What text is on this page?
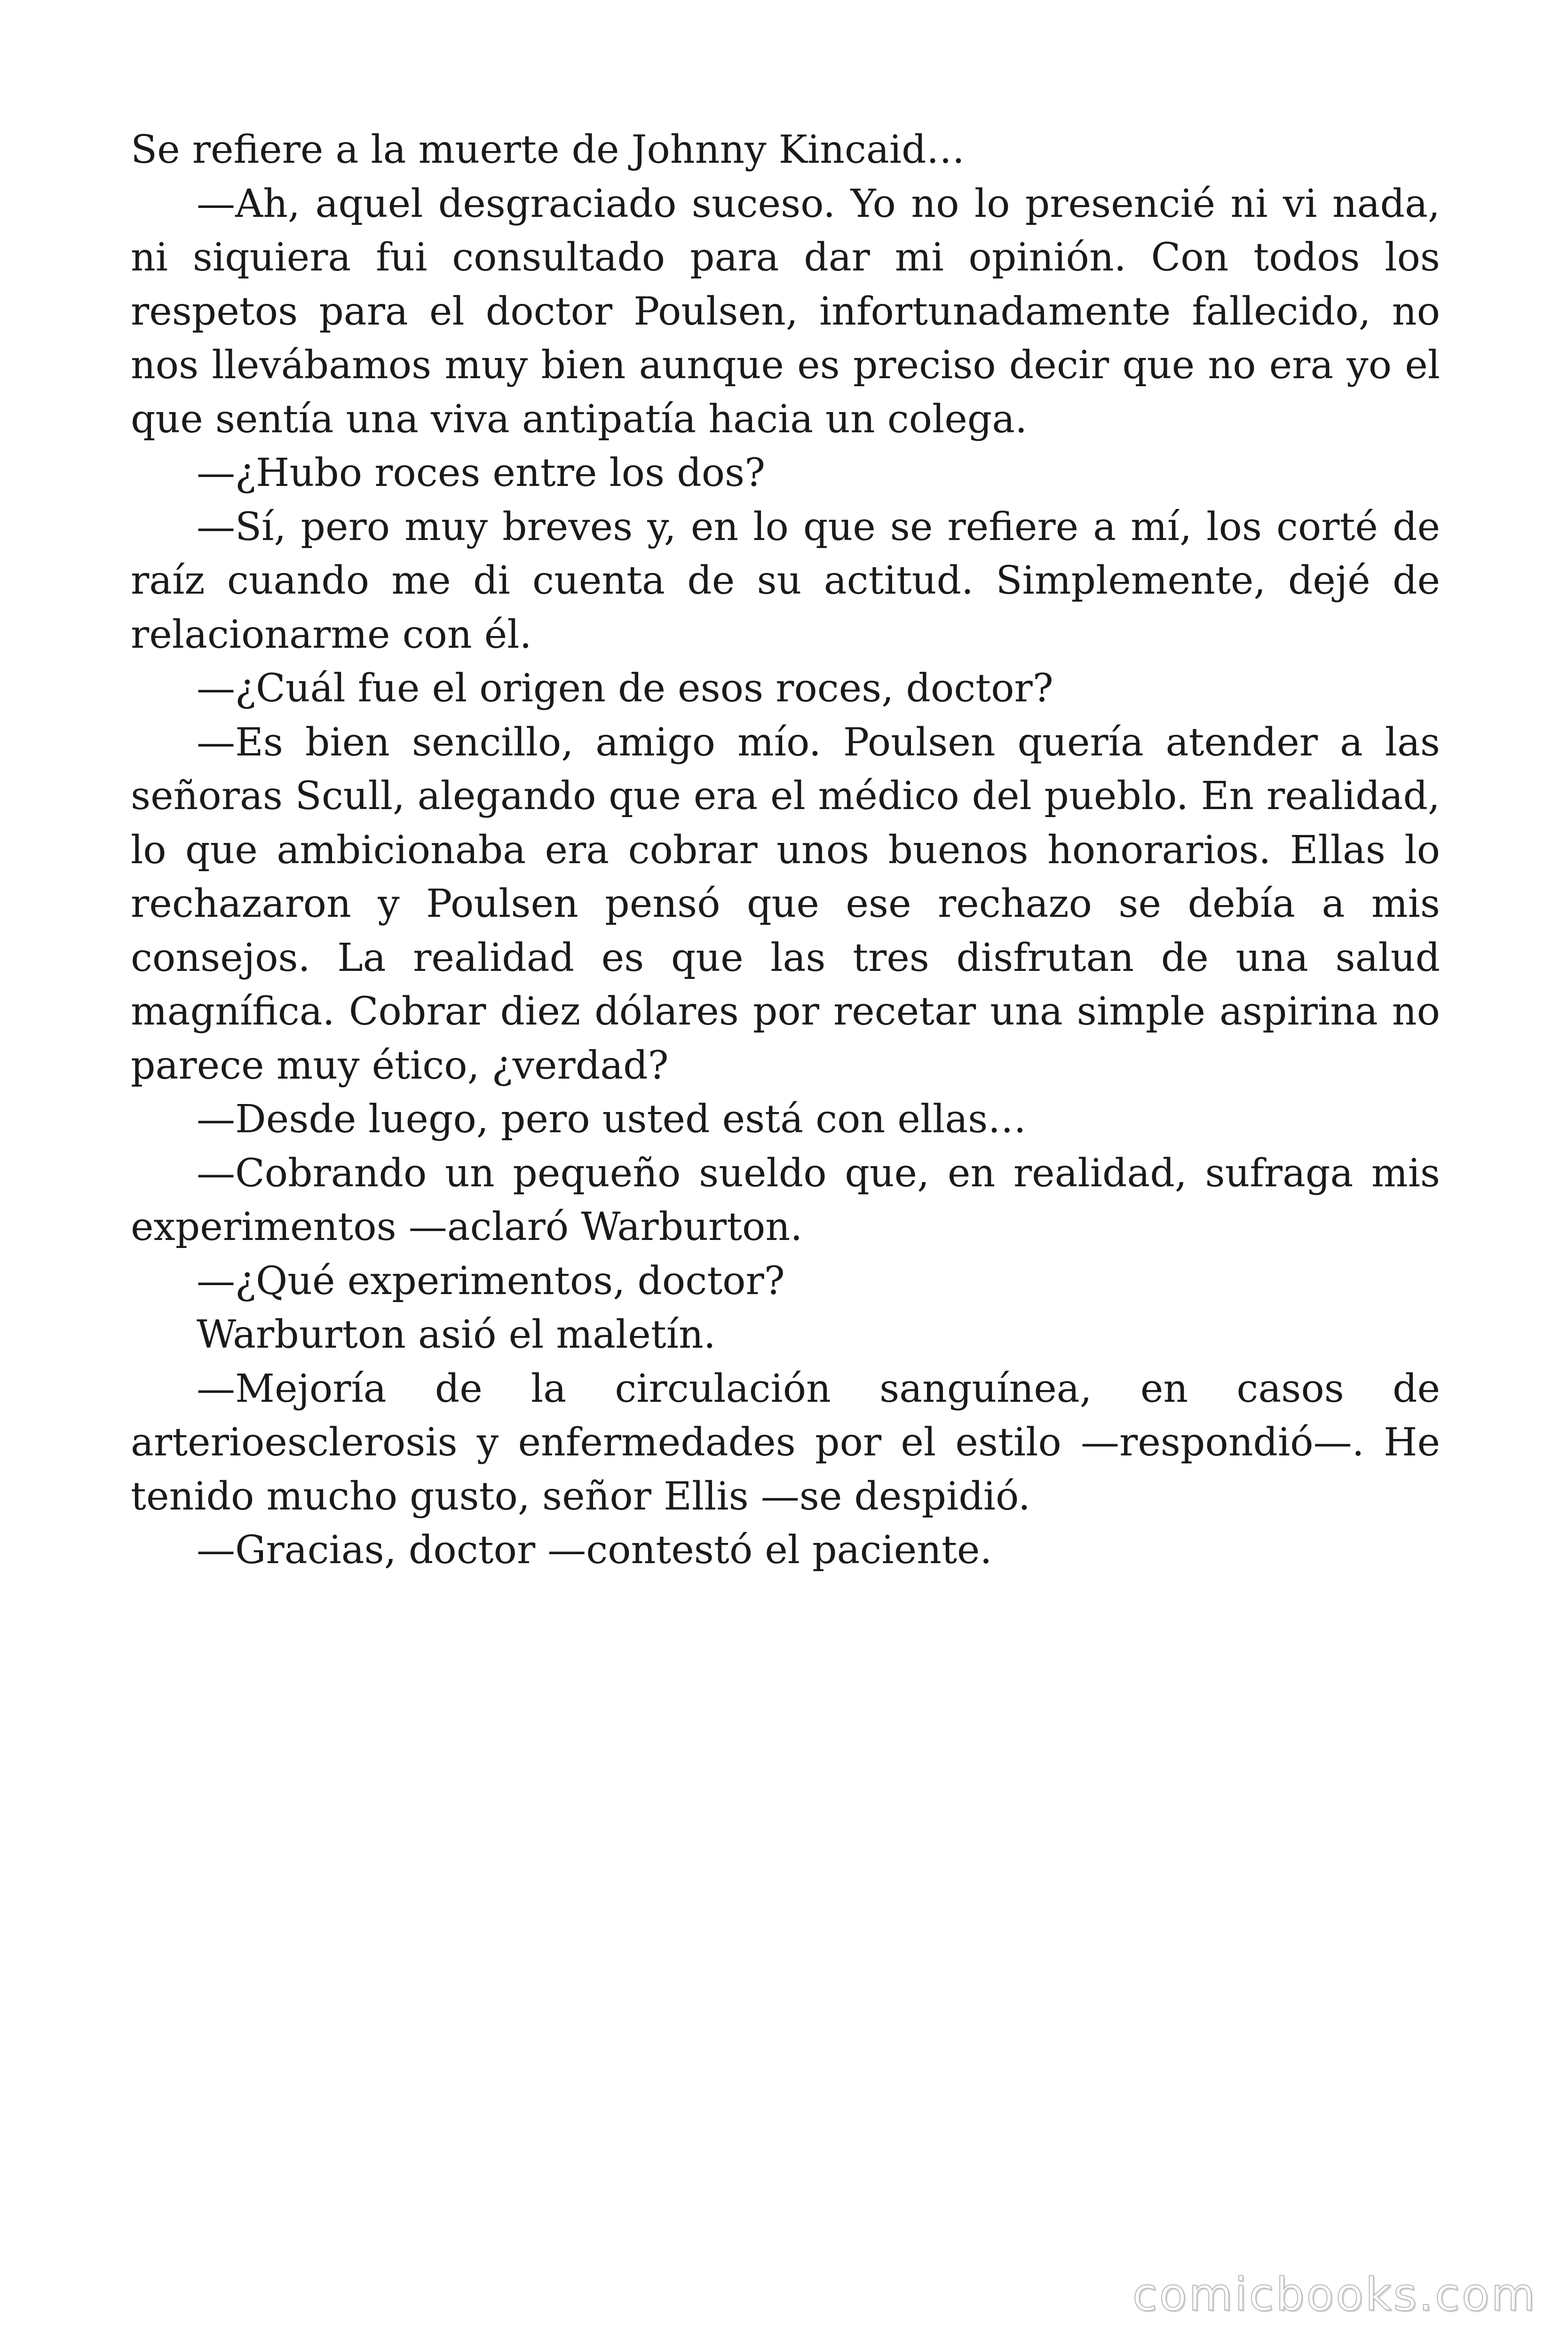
Se refiere a la muerte de Johnny Kincaid…

—Ah, aquel desgraciado suceso. Yo no lo presencié ni vi nada, ni siquiera fui consultado para dar mi opinión. Con todos los respetos para el doctor Poulsen, infortunadamente fallecido, no nos llevábamos muy bien aunque es preciso decir que no era yo el que sentía una viva antipatía hacia un colega.

—¿Hubo roces entre los dos?

—Sí, pero muy breves y, en lo que se refiere a mí, los corté de raíz cuando me di cuenta de su actitud. Simplemente, dejé de relacionarme con él.

—¿Cuál fue el origen de esos roces, doctor?

—Es bien sencillo, amigo mío. Poulsen quería atender a las señoras Scull, alegando que era el médico del pueblo. En realidad, lo que ambicionaba era cobrar unos buenos honorarios. Ellas lo rechazaron y Poulsen pensó que ese rechazo se debía a mis consejos. La realidad es que las tres disfrutan de una salud magnífica. Cobrar diez dólares por recetar una simple aspirina no parece muy ético, ¿verdad?

—Desde luego, pero usted está con ellas…

—Cobrando un pequeño sueldo que, en realidad, sufraga mis experimentos —aclaró Warburton.

—¿Qué experimentos, doctor?

Warburton asió el maletín.

—Mejoría de la circulación sanguínea, en casos de arterioesclerosis y enfermedades por el estilo —respondió—. He tenido mucho gusto, señor Ellis —se despidió.

—Gracias, doctor —contestó el paciente.

comicbooks.com
